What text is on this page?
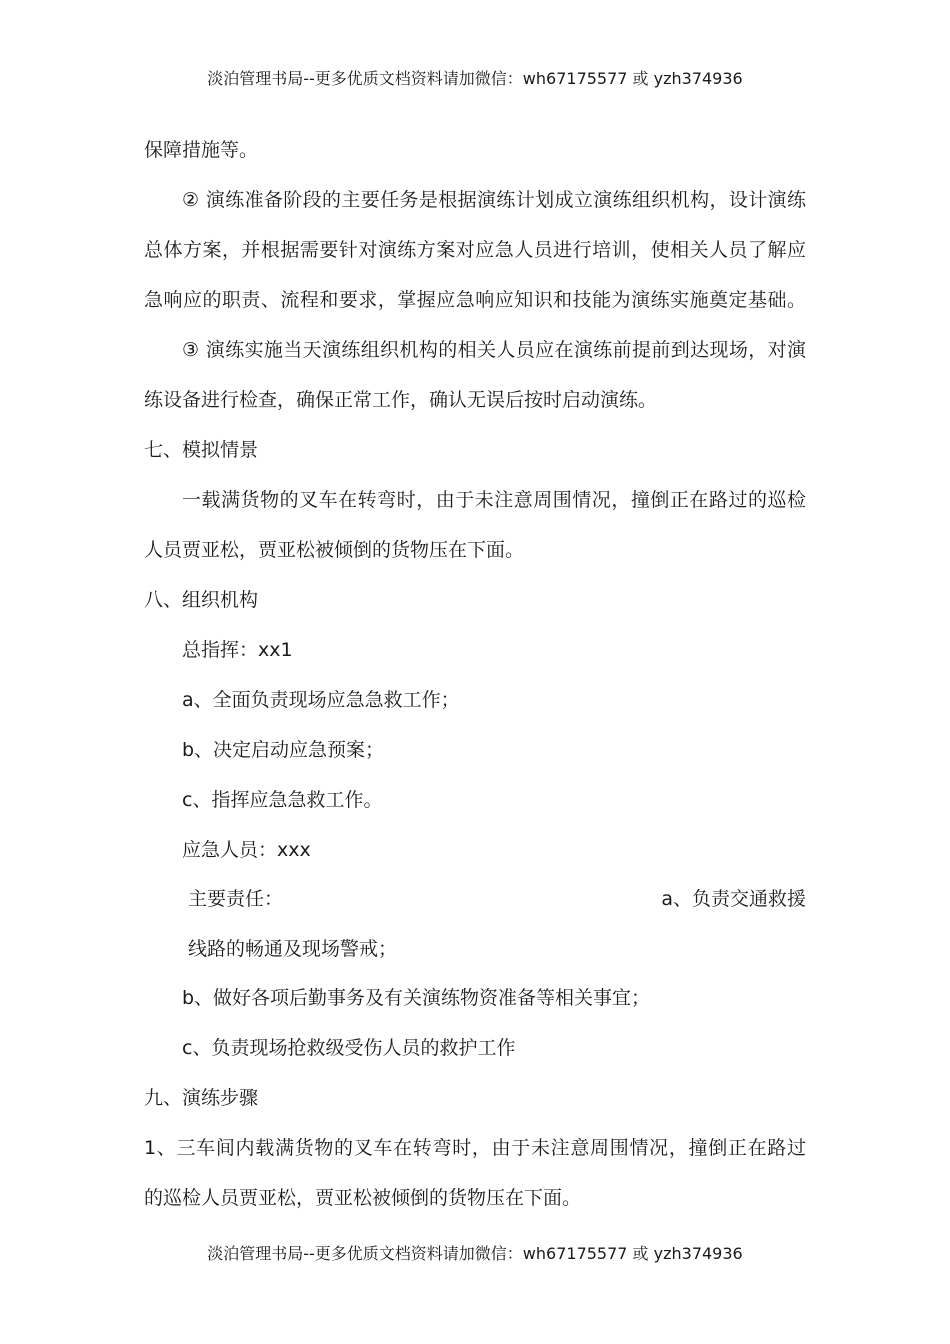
淡泊管理书局--更多优质文档资料请加微信：wh67175577 或 yzh374936
保障措施等。
② 演练准备阶段的主要任务是根据演练计划成立演练组织机构，设计演练
总体方案，并根据需要针对演练方案对应急人员进行培训，使相关人员了解应
急响应的职责、流程和要求，掌握应急响应知识和技能为演练实施奠定基础。
③ 演练实施当天演练组织机构的相关人员应在演练前提前到达现场，对演
练设备进行检查，确保正常工作，确认无误后按时启动演练。
七、模拟情景
一载满货物的叉车在转弯时，由于未注意周围情况，撞倒正在路过的巡检
人员贾亚松，贾亚松被倾倒的货物压在下面。
八、组织机构
总指挥：xx1
a、全面负责现场应急急救工作；
b、决定启动应急预案；
c、指挥应急急救工作。
应急人员：xxx
主要责任：	a、负责交通救援
线路的畅通及现场警戒；
b、做好各项后勤事务及有关演练物资准备等相关事宜；
c、负责现场抢救级受伤人员的救护工作
九、演练步骤
1、三车间内载满货物的叉车在转弯时，由于未注意周围情况，撞倒正在路过
的巡检人员贾亚松，贾亚松被倾倒的货物压在下面。
淡泊管理书局--更多优质文档资料请加微信：wh67175577 或 yzh374936
